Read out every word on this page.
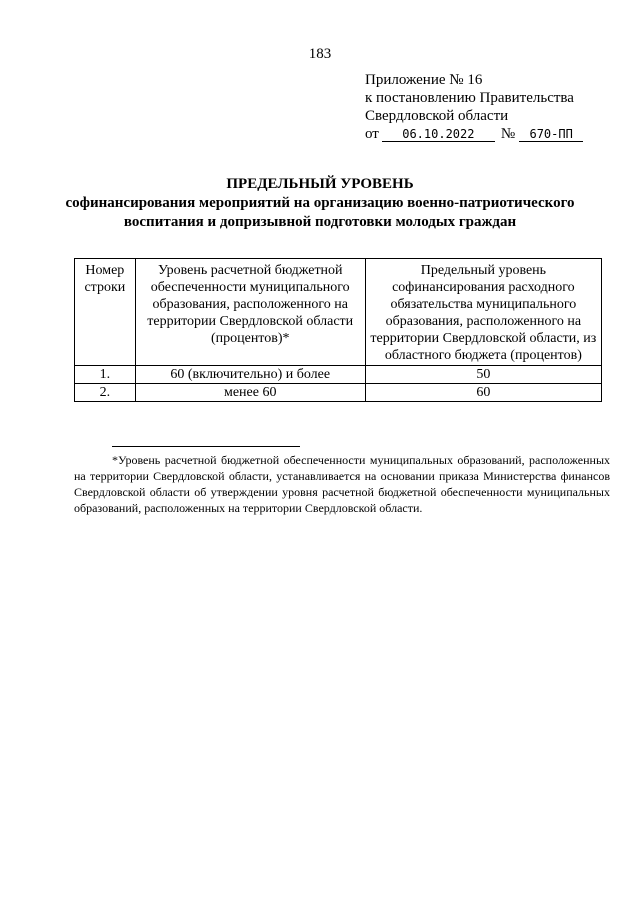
183
Приложение № 16
к постановлению Правительства
Свердловской области
от	06.10.2022	№	670-ПП
ПРЕДЕЛЬНЫЙ УРОВЕНЬ
софинансирования мероприятий на организацию военно-патриотического
воспитания и допризывной подготовки молодых граждан
Номер строки	Уровень расчетной бюджетной обеспеченности муниципального образования, расположенного на территории Свердловской области (процентов)*	Предельный уровень софинансирования расходного обязательства муниципального образования, расположенного на территории Свердловской области, из областного бюджета (процентов)
1.	60 (включительно) и более	50
2.	менее 60	60
*Уровень расчетной бюджетной обеспеченности муниципальных образований, расположенных на территории Свердловской области, устанавливается на основании приказа Министерства финансов Свердловской области об утверждении уровня расчетной бюджетной обеспеченности муниципальных образований, расположенных на территории Свердловской области.
